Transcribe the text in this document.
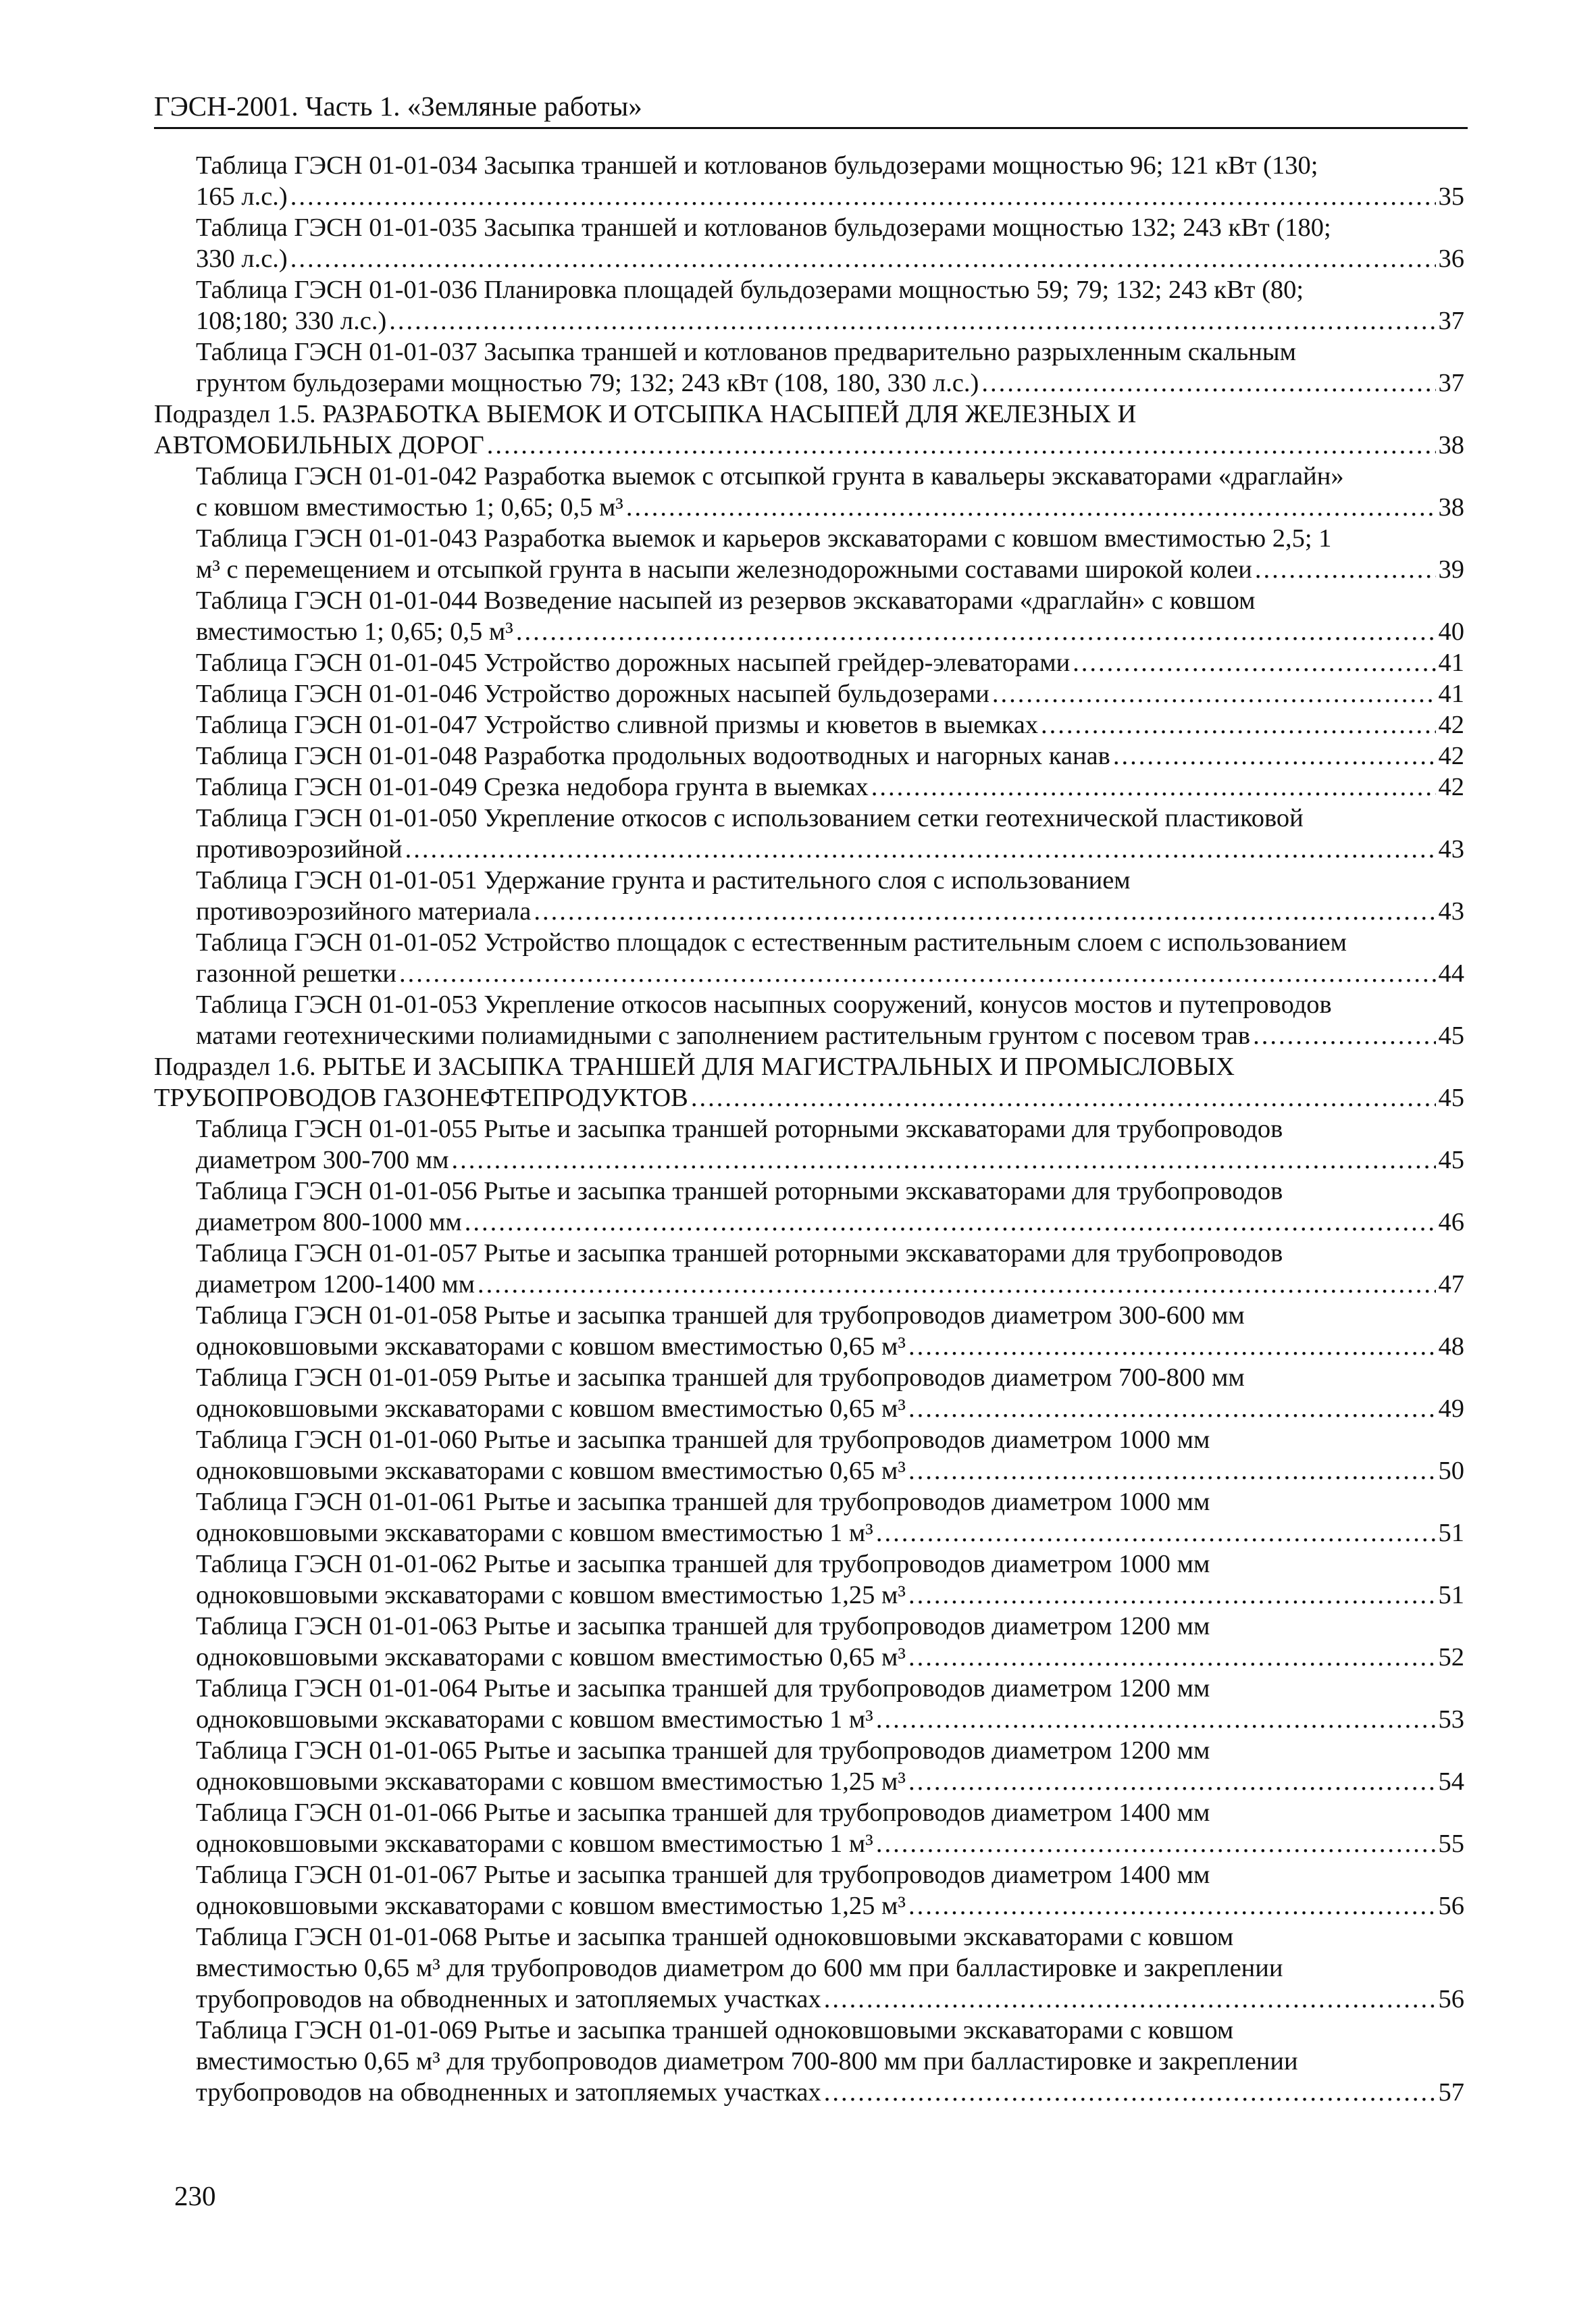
ГЭСН-2001. Часть 1. «Земляные работы»
Таблица ГЭСН 01-01-034 Засыпка траншей и котлованов бульдозерами мощностью 96; 121 кВт (130;
165 л.с.) .....	35
Таблица ГЭСН 01-01-035 Засыпка траншей и котлованов бульдозерами мощностью 132; 243 кВт (180;
330 л.с.) .....	36
Таблица ГЭСН 01-01-036 Планировка площадей бульдозерами мощностью 59; 79; 132; 243 кВт (80;
108;180; 330 л.с.) .....	37
Таблица ГЭСН 01-01-037 Засыпка траншей и котлованов предварительно разрыхленным скальным
грунтом бульдозерами мощностью 79; 132; 243 кВт (108, 180, 330 л.с.) .....	37
Подраздел 1.5. РАЗРАБОТКА ВЫЕМОК И ОТСЫПКА НАСЫПЕЙ ДЛЯ ЖЕЛЕЗНЫХ И
АВТОМОБИЛЬНЫХ ДОРОГ .....	38
Таблица ГЭСН 01-01-042 Разработка выемок с отсыпкой грунта в кавальеры экскаваторами «драглайн»
с ковшом вместимостью 1; 0,65; 0,5 м³ .....	38
Таблица ГЭСН 01-01-043 Разработка выемок и карьеров экскаваторами с ковшом вместимостью 2,5; 1
м³ с перемещением и отсыпкой грунта в насыпи железнодорожными составами широкой колеи .....	39
Таблица ГЭСН 01-01-044 Возведение насыпей из резервов экскаваторами «драглайн» с ковшом
вместимостью 1; 0,65; 0,5 м³ .....	40
Таблица ГЭСН 01-01-045 Устройство дорожных насыпей грейдер-элеваторами .....	41
Таблица ГЭСН 01-01-046 Устройство дорожных насыпей бульдозерами .....	41
Таблица ГЭСН 01-01-047 Устройство сливной призмы и кюветов в выемках .....	42
Таблица ГЭСН 01-01-048 Разработка продольных водоотводных и нагорных канав .....	42
Таблица ГЭСН 01-01-049 Срезка недобора грунта в выемках .....	42
Таблица ГЭСН 01-01-050 Укрепление откосов с использованием сетки геотехнической пластиковой
противоэрозийной .....	43
Таблица ГЭСН 01-01-051 Удержание грунта и растительного слоя с использованием
противоэрозийного материала .....	43
Таблица ГЭСН 01-01-052 Устройство площадок с естественным растительным слоем с использованием
газонной решетки .....	44
Таблица ГЭСН 01-01-053 Укрепление откосов насыпных сооружений, конусов мостов и путепроводов
матами геотехническими полиамидными с заполнением растительным грунтом с посевом трав .....	45
Подраздел 1.6. РЫТЬЕ И ЗАСЫПКА ТРАНШЕЙ ДЛЯ МАГИСТРАЛЬНЫХ И ПРОМЫСЛОВЫХ
ТРУБОПРОВОДОВ ГАЗОНЕФТЕПРОДУКТОВ .....	45
Таблица ГЭСН 01-01-055 Рытье и засыпка траншей роторными экскаваторами для трубопроводов
диаметром 300-700 мм .....	45
Таблица ГЭСН 01-01-056 Рытье и засыпка траншей роторными экскаваторами для трубопроводов
диаметром 800-1000 мм .....	46
Таблица ГЭСН 01-01-057 Рытье и засыпка траншей роторными экскаваторами для трубопроводов
диаметром 1200-1400 мм .....	47
Таблица ГЭСН 01-01-058 Рытье и засыпка траншей для трубопроводов диаметром 300-600 мм
одноковшовыми экскаваторами с ковшом вместимостью 0,65 м³ .....	48
Таблица ГЭСН 01-01-059 Рытье и засыпка траншей для трубопроводов диаметром 700-800 мм
одноковшовыми экскаваторами с ковшом вместимостью 0,65 м³ .....	49
Таблица ГЭСН 01-01-060 Рытье и засыпка траншей для трубопроводов диаметром 1000 мм
одноковшовыми экскаваторами с ковшом вместимостью 0,65 м³ .....	50
Таблица ГЭСН 01-01-061 Рытье и засыпка траншей для трубопроводов диаметром 1000 мм
одноковшовыми экскаваторами с ковшом вместимостью 1 м³ .....	51
Таблица ГЭСН 01-01-062 Рытье и засыпка траншей для трубопроводов диаметром 1000 мм
одноковшовыми экскаваторами с ковшом вместимостью 1,25 м³ .....	51
Таблица ГЭСН 01-01-063 Рытье и засыпка траншей для трубопроводов диаметром 1200 мм
одноковшовыми экскаваторами с ковшом вместимостью 0,65 м³ .....	52
Таблица ГЭСН 01-01-064 Рытье и засыпка траншей для трубопроводов диаметром 1200 мм
одноковшовыми экскаваторами с ковшом вместимостью 1 м³ .....	53
Таблица ГЭСН 01-01-065 Рытье и засыпка траншей для трубопроводов диаметром 1200 мм
одноковшовыми экскаваторами с ковшом вместимостью 1,25 м³ .....	54
Таблица ГЭСН 01-01-066 Рытье и засыпка траншей для трубопроводов диаметром 1400 мм
одноковшовыми экскаваторами с ковшом вместимостью 1 м³ .....	55
Таблица ГЭСН 01-01-067 Рытье и засыпка траншей для трубопроводов диаметром 1400 мм
одноковшовыми экскаваторами с ковшом вместимостью 1,25 м³ .....	56
Таблица ГЭСН 01-01-068 Рытье и засыпка траншей одноковшовыми экскаваторами с ковшом
вместимостью 0,65 м³ для трубопроводов диаметром до 600 мм при балластировке и закреплении
трубопроводов на обводненных и затопляемых участках .....	56
Таблица ГЭСН 01-01-069 Рытье и засыпка траншей одноковшовыми экскаваторами с ковшом
вместимостью 0,65 м³ для трубопроводов диаметром 700-800 мм при балластировке и закреплении
трубопроводов на обводненных и затопляемых участках .....	57
230
